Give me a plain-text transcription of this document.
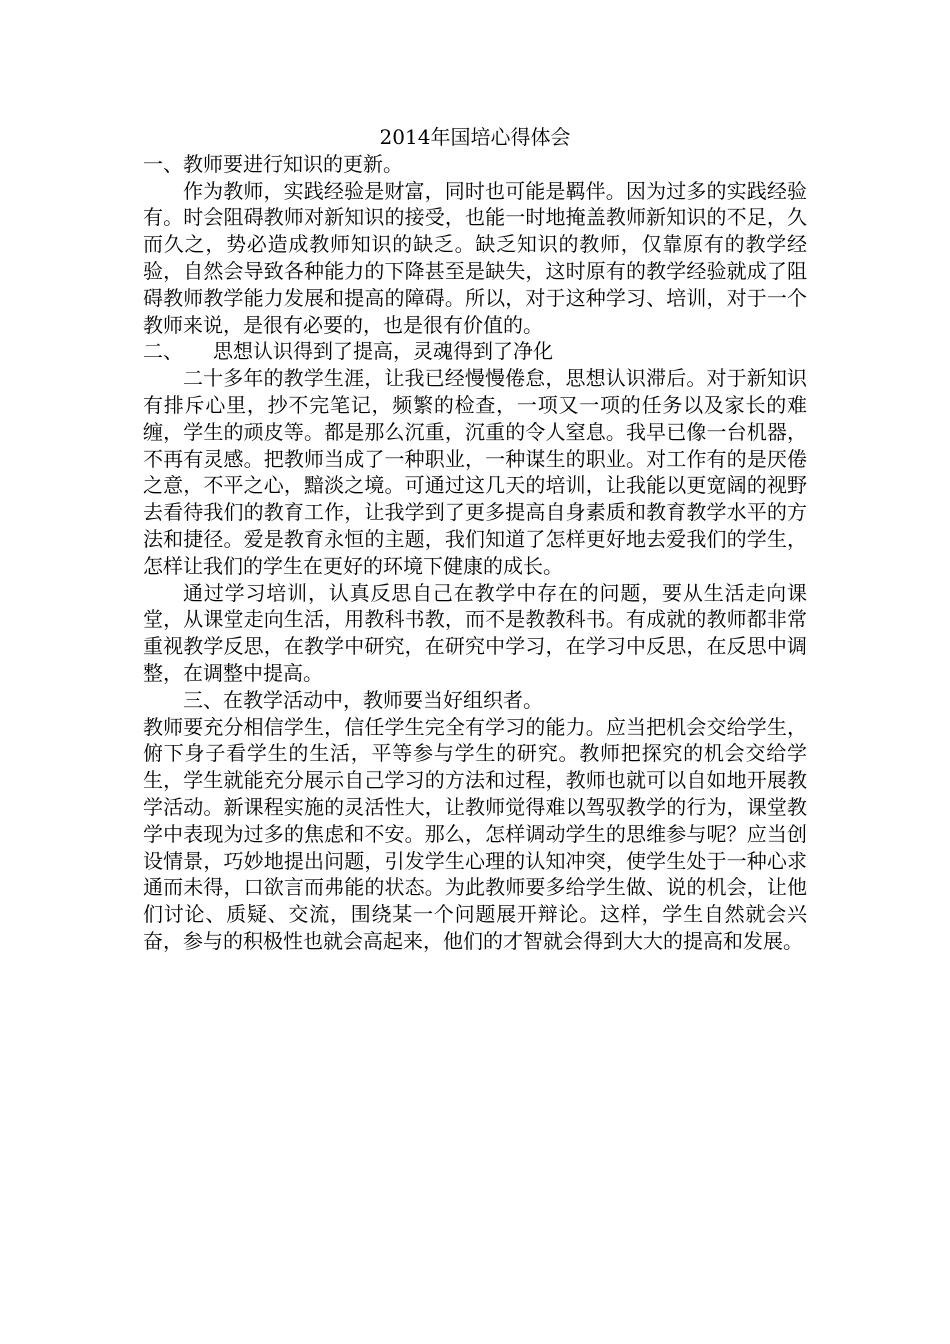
2014年国培心得体会

一、教师要进行知识的更新。

作为教师，实践经验是财富，同时也可能是羁伴。因为过多的实践经验有。时会阻碍教师对新知识的接受，也能一时地掩盖教师新知识的不足，久而久之，势必造成教师知识的缺乏。缺乏知识的教师，仅靠原有的教学经验，自然会导致各种能力的下降甚至是缺失，这时原有的教学经验就成了阻碍教师教学能力发展和提高的障碍。所以，对于这种学习、培训，对于一个教师来说，是很有必要的，也是很有价值的。

二、 思想认识得到了提高，灵魂得到了净化

二十多年的教学生涯，让我已经慢慢倦怠，思想认识滞后。对于新知识有排斥心里，抄不完笔记，频繁的检查，一项又一项的任务以及家长的难缠，学生的顽皮等。都是那么沉重，沉重的令人窒息。我早已像一台机器，不再有灵感。把教师当成了一种职业，一种谋生的职业。对工作有的是厌倦之意，不平之心，黯淡之境。可通过这几天的培训，让我能以更宽阔的视野去看待我们的教育工作，让我学到了更多提高自身素质和教育教学水平的方法和捷径。爱是教育永恒的主题，我们知道了怎样更好地去爱我们的学生，怎样让我们的学生在更好的环境下健康的成长。

通过学习培训，认真反思自己在教学中存在的问题，要从生活走向课堂，从课堂走向生活，用教科书教，而不是教教科书。有成就的教师都非常重视教学反思，在教学中研究，在研究中学习，在学习中反思，在反思中调整，在调整中提高。

三、在教学活动中，教师要当好组织者。

教师要充分相信学生，信任学生完全有学习的能力。应当把机会交给学生，俯下身子看学生的生活，平等参与学生的研究。教师把探究的机会交给学生，学生就能充分展示自己学习的方法和过程，教师也就可以自如地开展教学活动。新课程实施的灵活性大，让教师觉得难以驾驭教学的行为，课堂教学中表现为过多的焦虑和不安。那么，怎样调动学生的思维参与呢？应当创设情景，巧妙地提出问题，引发学生心理的认知冲突，使学生处于一种心求通而未得，口欲言而弗能的状态。为此教师要多给学生做、说的机会，让他们讨论、质疑、交流，围绕某一个问题展开辩论。这样，学生自然就会兴奋，参与的积极性也就会高起来，他们的才智就会得到大大的提高和发展。
